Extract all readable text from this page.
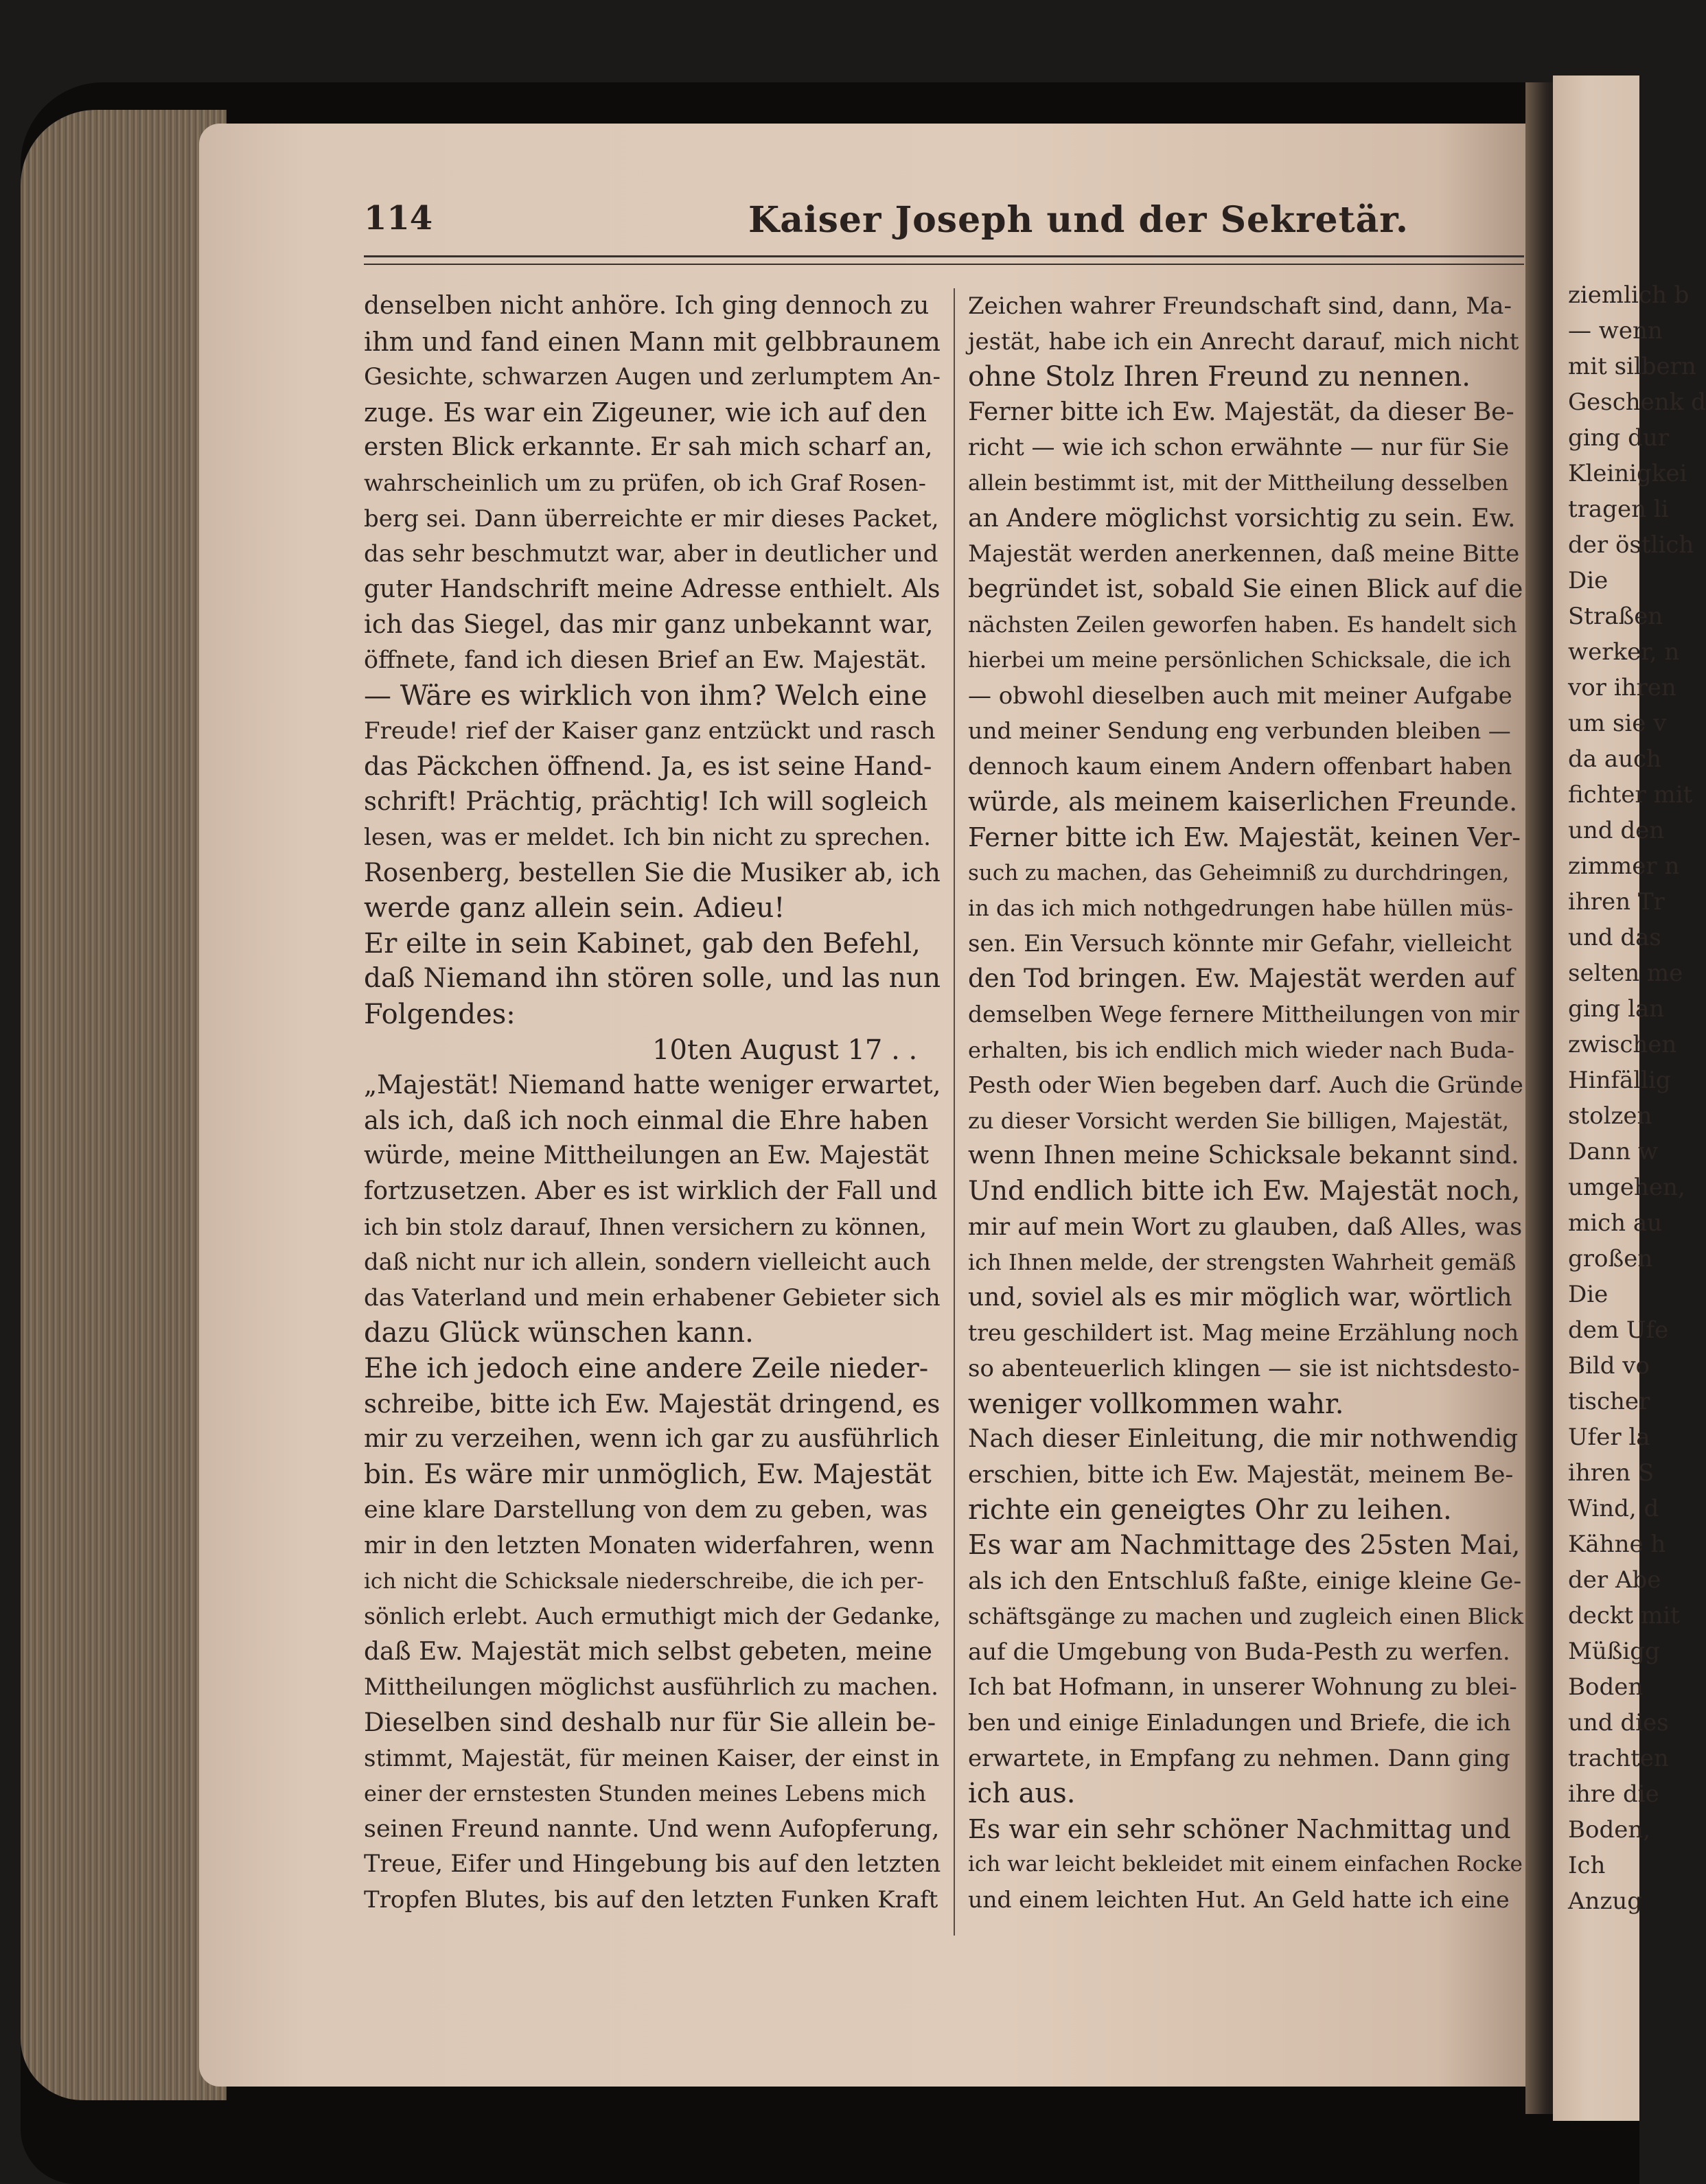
ziemlich b
— wenn
mit silbern
Geschenk d
ging dur
Kleinigkei
tragen li
der östlich
Die
Straßen
werker, n
vor ihren
um sie v
da auch
fichter mit
und den
zimmer n
ihren Tr
und das
selten me
ging lan
zwischen
Hinfällig
stolzen
Dann w
umgehen,
mich au
großen
Die
dem Ufe
Bild vo
tischer
Ufer la
ihren S
Wind, d
Kähne h
der Abe
deckt mit
Müßigg
Boden
und dies
trachten
ihre die
Boden,
Ich
Anzug
114	Kaiser Joseph und der Sekretär.
denselben nicht anhöre. Ich ging dennoch zu
ihm und fand einen Mann mit gelbbraunem
Gesichte, schwarzen Augen und zerlumptem An-
zuge. Es war ein Zigeuner, wie ich auf den
ersten Blick erkannte. Er sah mich scharf an,
wahrscheinlich um zu prüfen, ob ich Graf Rosen-
berg sei. Dann überreichte er mir dieses Packet,
das sehr beschmutzt war, aber in deutlicher und
guter Handschrift meine Adresse enthielt. Als
ich das Siegel, das mir ganz unbekannt war,
öffnete, fand ich diesen Brief an Ew. Majestät.
— Wäre es wirklich von ihm? Welch eine
Freude! rief der Kaiser ganz entzückt und rasch
das Päckchen öffnend. Ja, es ist seine Hand-
schrift! Prächtig, prächtig! Ich will sogleich
lesen, was er meldet. Ich bin nicht zu sprechen.
Rosenberg, bestellen Sie die Musiker ab, ich
werde ganz allein sein. Adieu!
Er eilte in sein Kabinet, gab den Befehl,
daß Niemand ihn stören solle, und las nun
Folgendes:
10ten August 17 . .
„Majestät! Niemand hatte weniger erwartet,
als ich, daß ich noch einmal die Ehre haben
würde, meine Mittheilungen an Ew. Majestät
fortzusetzen. Aber es ist wirklich der Fall und
ich bin stolz darauf, Ihnen versichern zu können,
daß nicht nur ich allein, sondern vielleicht auch
das Vaterland und mein erhabener Gebieter sich
dazu Glück wünschen kann.
Ehe ich jedoch eine andere Zeile nieder-
schreibe, bitte ich Ew. Majestät dringend, es
mir zu verzeihen, wenn ich gar zu ausführlich
bin. Es wäre mir unmöglich, Ew. Majestät
eine klare Darstellung von dem zu geben, was
mir in den letzten Monaten widerfahren, wenn
ich nicht die Schicksale niederschreibe, die ich per-
sönlich erlebt. Auch ermuthigt mich der Gedanke,
daß Ew. Majestät mich selbst gebeten, meine
Mittheilungen möglichst ausführlich zu machen.
Dieselben sind deshalb nur für Sie allein be-
stimmt, Majestät, für meinen Kaiser, der einst in
einer der ernstesten Stunden meines Lebens mich
seinen Freund nannte. Und wenn Aufopferung,
Treue, Eifer und Hingebung bis auf den letzten
Tropfen Blutes, bis auf den letzten Funken Kraft
Zeichen wahrer Freundschaft sind, dann, Ma-
jestät, habe ich ein Anrecht darauf, mich nicht
ohne Stolz Ihren Freund zu nennen.
Ferner bitte ich Ew. Majestät, da dieser Be-
richt — wie ich schon erwähnte — nur für Sie
allein bestimmt ist, mit der Mittheilung desselben
an Andere möglichst vorsichtig zu sein. Ew.
Majestät werden anerkennen, daß meine Bitte
begründet ist, sobald Sie einen Blick auf die
nächsten Zeilen geworfen haben. Es handelt sich
hierbei um meine persönlichen Schicksale, die ich
— obwohl dieselben auch mit meiner Aufgabe
und meiner Sendung eng verbunden bleiben —
dennoch kaum einem Andern offenbart haben
würde, als meinem kaiserlichen Freunde.
Ferner bitte ich Ew. Majestät, keinen Ver-
such zu machen, das Geheimniß zu durchdringen,
in das ich mich nothgedrungen habe hüllen müs-
sen. Ein Versuch könnte mir Gefahr, vielleicht
den Tod bringen. Ew. Majestät werden auf
demselben Wege fernere Mittheilungen von mir
erhalten, bis ich endlich mich wieder nach Buda-
Pesth oder Wien begeben darf. Auch die Gründe
zu dieser Vorsicht werden Sie billigen, Majestät,
wenn Ihnen meine Schicksale bekannt sind.
Und endlich bitte ich Ew. Majestät noch,
mir auf mein Wort zu glauben, daß Alles, was
ich Ihnen melde, der strengsten Wahrheit gemäß
und, soviel als es mir möglich war, wörtlich
treu geschildert ist. Mag meine Erzählung noch
so abenteuerlich klingen — sie ist nichtsdesto-
weniger vollkommen wahr.
Nach dieser Einleitung, die mir nothwendig
erschien, bitte ich Ew. Majestät, meinem Be-
richte ein geneigtes Ohr zu leihen.
Es war am Nachmittage des 25sten Mai,
als ich den Entschluß faßte, einige kleine Ge-
schäftsgänge zu machen und zugleich einen Blick
auf die Umgebung von Buda-Pesth zu werfen.
Ich bat Hofmann, in unserer Wohnung zu blei-
ben und einige Einladungen und Briefe, die ich
erwartete, in Empfang zu nehmen. Dann ging
ich aus.
Es war ein sehr schöner Nachmittag und
ich war leicht bekleidet mit einem einfachen Rocke
und einem leichten Hut. An Geld hatte ich eine
